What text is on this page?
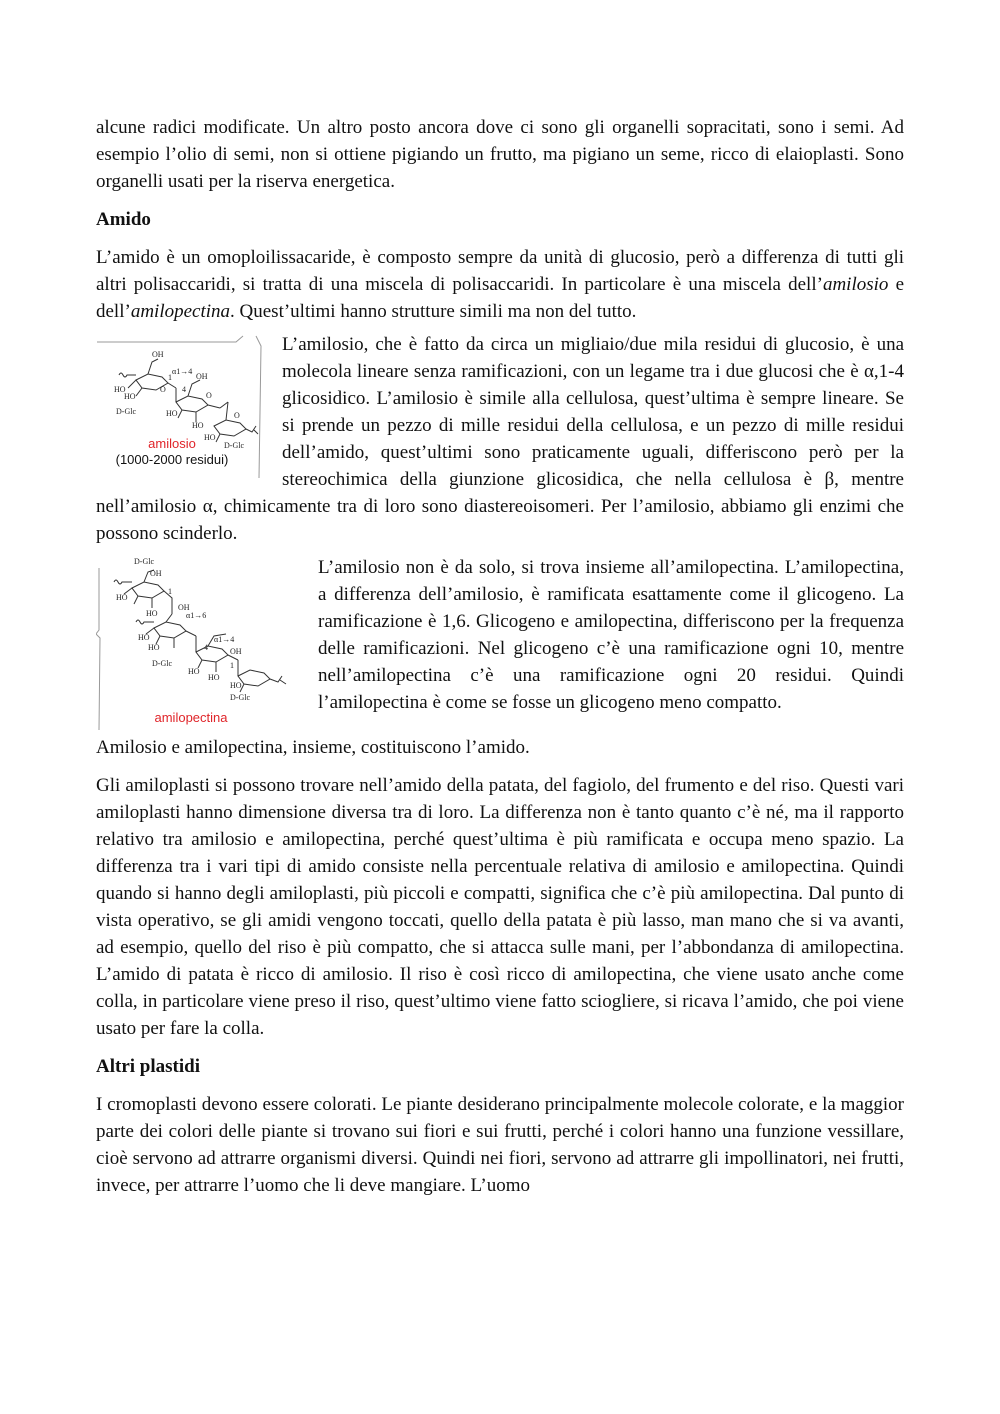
alcune radici modificate. Un altro posto ancora dove ci sono gli organelli sopracitati, sono i semi. Ad esempio l’olio di semi, non si ottiene pigiando un frutto, ma pigiano un seme, ricco di elaioplasti. Sono organelli usati per la riserva energetica.

Amido

L’amido è un omoploilissacaride, è composto sempre da unità di glucosio, però a differenza di tutti gli altri polisaccaridi, si tratta di una miscela di polisaccaridi. In particolare è una miscela dell’amilosio e dell’amilopectina. Quest’ultimi hanno strutture simili ma non del tutto.

OH
α1→4
HO
1
4
OH
O
O
HO
D-Glc	HO	O
HO
D-Glc
HO
amilosio
(1000-2000 residui)

L’amilosio, che è fatto da circa un migliaio/due mila residui di glucosio, è una molecola lineare senza ramificazioni, con un legame tra i due glucosi che è α,1-4 glicosidico. L’amilosio è simile alla cellulosa, quest’ultima è sempre lineare. Se si prende un pezzo di mille residui della cellulosa, e un pezzo di mille residui dell’amido, quest’ultimi sono praticamente uguali, differiscono però per la stereochimica della giunzione glicosidica, che nella cellulosa è β, mentre nell’amilosio α, chimicamente tra di loro sono diastereoisomeri. Per l’amilosio, abbiamo gli enzimi che possono scinderlo.

D-Glc
OH
HO
1
HO	α1→6
OH
HO	α1→4
4	OH
HO
D-Glc
HO
1
HO
D-Glc
HO
amilopectina

L’amilosio non è da solo, si trova insieme all’amilopectina. L’amilopectina, a differenza dell’amilosio, è ramificata esattamente come il glicogeno. La ramificazione è 1,6. Glicogeno e amilopectina, differiscono per la frequenza delle ramificazioni. Nel glicogeno c’è una ramificazione ogni 10, mentre nell’amilopectina c’è una ramificazione ogni 20 residui. Quindi l’amilopectina è come se fosse un glicogeno meno compatto.

Amilosio e amilopectina, insieme, costituiscono l’amido.

Gli amiloplasti si possono trovare nell’amido della patata, del fagiolo, del frumento e del riso. Questi vari amiloplasti hanno dimensione diversa tra di loro. La differenza non è tanto quanto c’è né, ma il rapporto relativo tra amilosio e amilopectina, perché quest’ultima è più ramificata e occupa meno spazio. La differenza tra i vari tipi di amido consiste nella percentuale relativa di amilosio e amilopectina. Quindi quando si hanno degli amiloplasti, più piccoli e compatti, significa che c’è più amilopectina. Dal punto di vista operativo, se gli amidi vengono toccati, quello della patata è più lasso, man mano che si va avanti, ad esempio, quello del riso è più compatto, che si attacca sulle mani, per l’abbondanza di amilopectina. L’amido di patata è ricco di amilosio. Il riso è così ricco di amilopectina, che viene usato anche come colla, in particolare viene preso il riso, quest’ultimo viene fatto sciogliere, si ricava l’amido, che poi viene usato per fare la colla.

Altri plastidi

I cromoplasti devono essere colorati. Le piante desiderano principalmente molecole colorate, e la maggior parte dei colori delle piante si trovano sui fiori e sui frutti, perché i colori hanno una funzione vessillare, cioè servono ad attrarre organismi diversi. Quindi nei fiori, servono ad attrarre gli impollinatori, nei frutti, invece, per attrarre l’uomo che li deve mangiare. L’uomo
